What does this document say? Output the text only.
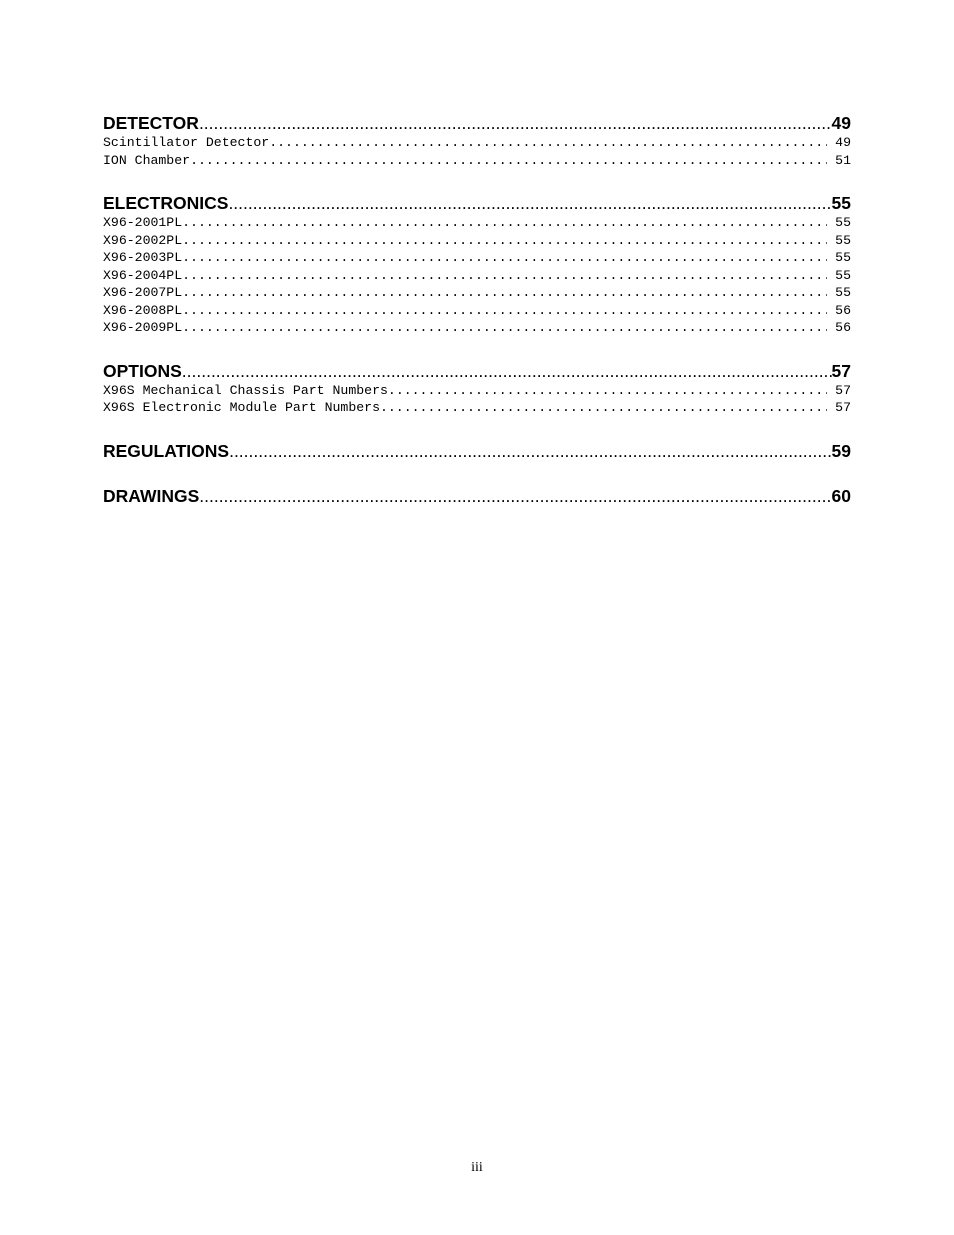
DETECTOR .....	49
Scintillator Detector .....	49
ION Chamber .....	51
ELECTRONICS .....	55
X96-2001PL .....	55
X96-2002PL .....	55
X96-2003PL .....	55
X96-2004PL .....	55
X96-2007PL .....	55
X96-2008PL .....	56
X96-2009PL .....	56
OPTIONS .....	57
X96S Mechanical Chassis Part Numbers .....	57
X96S Electronic Module Part Numbers .....	57
REGULATIONS .....	59
DRAWINGS .....	60
iii
